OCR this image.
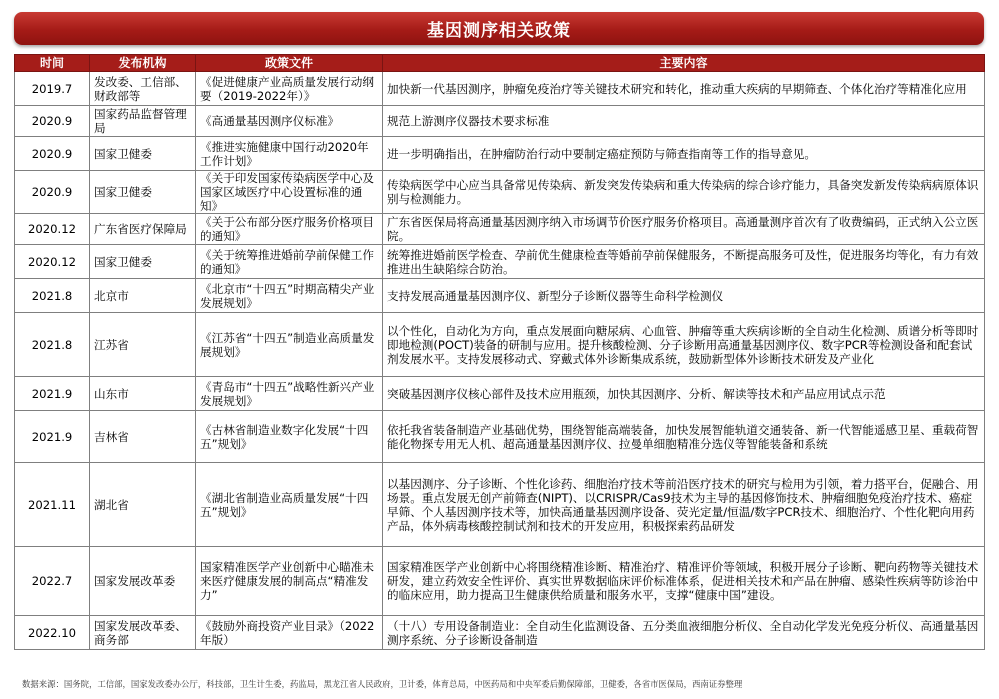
基因测序相关政策
时间	发布机构	政策文件	主要内容
2019.7	发改委、工信部、财政部等	《促进健康产业高质量发展行动纲要（2019-2022年）》	加快新一代基因测序，肿瘤免疫治疗等关键技术研究和转化，推动重大疾病的早期筛查、个体化治疗等精准化应用
2020.9	国家药品监督管理局	《高通量基因测序仪标准》	规范上游测序仪器技术要求标准
2020.9	国家卫健委	《推进实施健康中国行动2020年工作计划》	进一步明确指出，在肿瘤防治行动中要制定癌症预防与筛查指南等工作的指导意见。
2020.9	国家卫健委	《关于印发国家传染病医学中心及国家区域医疗中心设置标准的通知》	传染病医学中心应当具备常见传染病、新发突发传染病和重大传染病的综合诊疗能力，具备突发新发传染病病原体识别与检测能力。
2020.12	广东省医疗保障局	《关于公布部分医疗服务价格项目的通知》	广东省医保局将高通量基因测序纳入市场调节价医疗服务价格项目。高通量测序首次有了收费编码，正式纳入公立医院。
2020.12	国家卫健委	《关于统筹推进婚前孕前保健工作的通知》	统筹推进婚前医学检查、孕前优生健康检查等婚前孕前保健服务，不断提高服务可及性，促进服务均等化，有力有效推进出生缺陷综合防治。
2021.8	北京市	《北京市“十四五”时期高精尖产业发展规划》	支持发展高通量基因测序仪、新型分子诊断仪器等生命科学检测仪
2021.8	江苏省	《江苏省“十四五”制造业高质量发展规划》	以个性化，自动化为方向，重点发展面向糖尿病、心血管、肿瘤等重大疾病诊断的全自动生化检测、质谱分析等即时即地检测(POCT)装备的研制与应用。提升核酸检测、分子诊断用高通量基因测序仪、数字PCR等检测设备和配套试剂发展水平。支持发展移动式、穿戴式体外诊断集成系统，鼓励新型体外诊断技术研发及产业化
2021.9	山东市	《青岛市“十四五”战略性新兴产业发展规划》	突破基因测序仪核心部件及技术应用瓶颈，加快其因测序、分析、解读等技术和产品应用试点示范
2021.9	吉林省	《古林省制造业数字化发展“十四五”规划》	依托我省装备制造产业基础优势，围绕智能高端装备，加快发展智能轨道交通装备、新一代智能遥感卫星、重载荷智能化物探专用无人机、超高通量基因测序仪、拉曼单细胞精准分选仪等智能装备和系统
2021.11	湖北省	《湖北省制造业高质量发展“十四五”规划》	以基因测序、分子诊断、个性化诊药、细胞治疗技术等前沿医疗技术的研究与检用为引领，着力搭平台，促融合、用场景。重点发展无创产前筛查(NIPT)、以CRISPR/Cas9技术为主导的基因修饰技术、肿瘤细胞免疫治疗技术、癌症早筛、个人基因测序技术等，加快高通量基因测序设备、荧光定量/恒温/数字PCR技术、细胞治疗、个性化靶向用药产品，体外病毒核酸控制试剂和技术的开发应用，积极探索药品研发
2022.7	国家发展改革委	国家精准医学产业创新中心瞄准未来医疗健康发展的制高点“精准发力”	国家精准医学产业创新中心将围绕精准诊断、精准治疗、精准评价等领域，积极开展分子诊断、靶向药物等关键技术研发，建立药效安全性评价、真实世界数据临床评价标准体系，促进相关技术和产品在肿瘤、感染性疾病等防诊治中的临床应用，助力提高卫生健康供给质量和服务水平，支撑“健康中国”建设。
2022.10	国家发展改革委、商务部	《鼓励外商投资产业目录》（2022年版）	（十八）专用设备制造业：全自动生化监测设备、五分类血液细胞分析仪、全自动化学发光免疫分析仪、高通量基因测序系统、分子诊断设备制造
数据来源：国务院，工信部，国家发改委办公厅，科技部，卫生计生委，药监局，黑龙江省人民政府，卫计委，体育总局，中医药局和中央军委后勤保障部，卫健委，各省市医保局，西南证券整理
